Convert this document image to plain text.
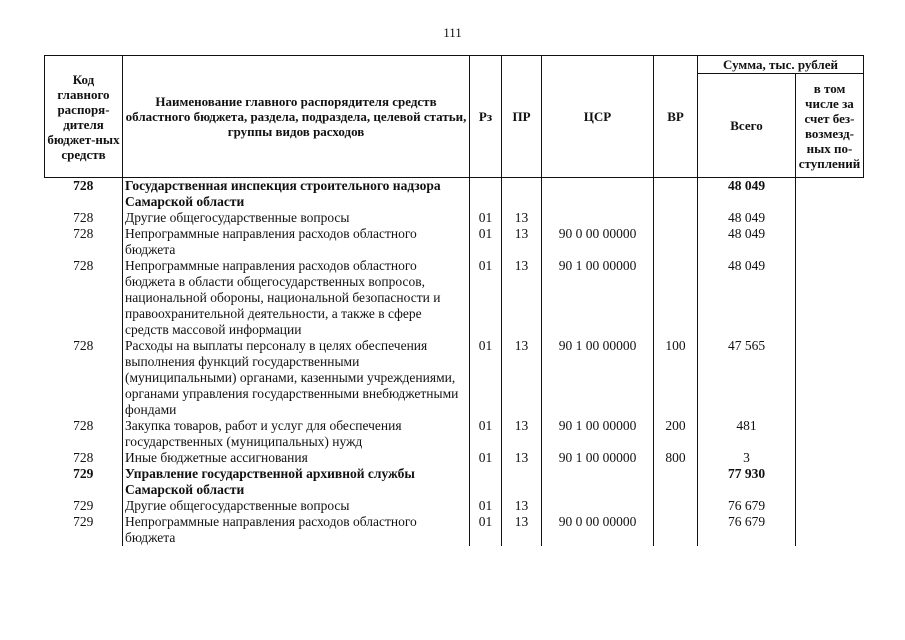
111
Код главного распоря-дителя бюджет-ных средств	Наименование главного распорядителя средств областного бюджета, раздела, подраздела, целевой статьи, группы видов расходов	Рз	ПР	ЦСР	ВР	Сумма, тыс. рублей	
						Всего	в том числе за счет без-возмезд-ных по-ступлений
728	Государственная инспекция строительного надзора Самарской области					48 049	
728	Другие общегосударственные вопросы	01	13			48 049	
728	Непрограммные направления расходов областного бюджета	01	13	90 0 00 00000		48 049	
728	Непрограммные направления расходов областного бюджета в области общегосударственных вопросов, национальной обороны, национальной безопасности и правоохранительной деятельности, а также в сфере средств массовой информации	01	13	90 1 00 00000		48 049	
728	Расходы на выплаты персоналу в целях обеспечения выполнения функций государственными (муниципальными) органами, казенными учреждениями, органами управления государственными внебюджетными фондами	01	13	90 1 00 00000	100	47 565	
728	Закупка товаров, работ и услуг для обеспечения государственных (муниципальных) нужд	01	13	90 1 00 00000	200	481	
728	Иные бюджетные ассигнования	01	13	90 1 00 00000	800	3	
729	Управление государственной архивной службы Самарской области					77 930	
729	Другие общегосударственные вопросы	01	13			76 679	
729	Непрограммные направления расходов областного бюджета	01	13	90 0 00 00000		76 679	
